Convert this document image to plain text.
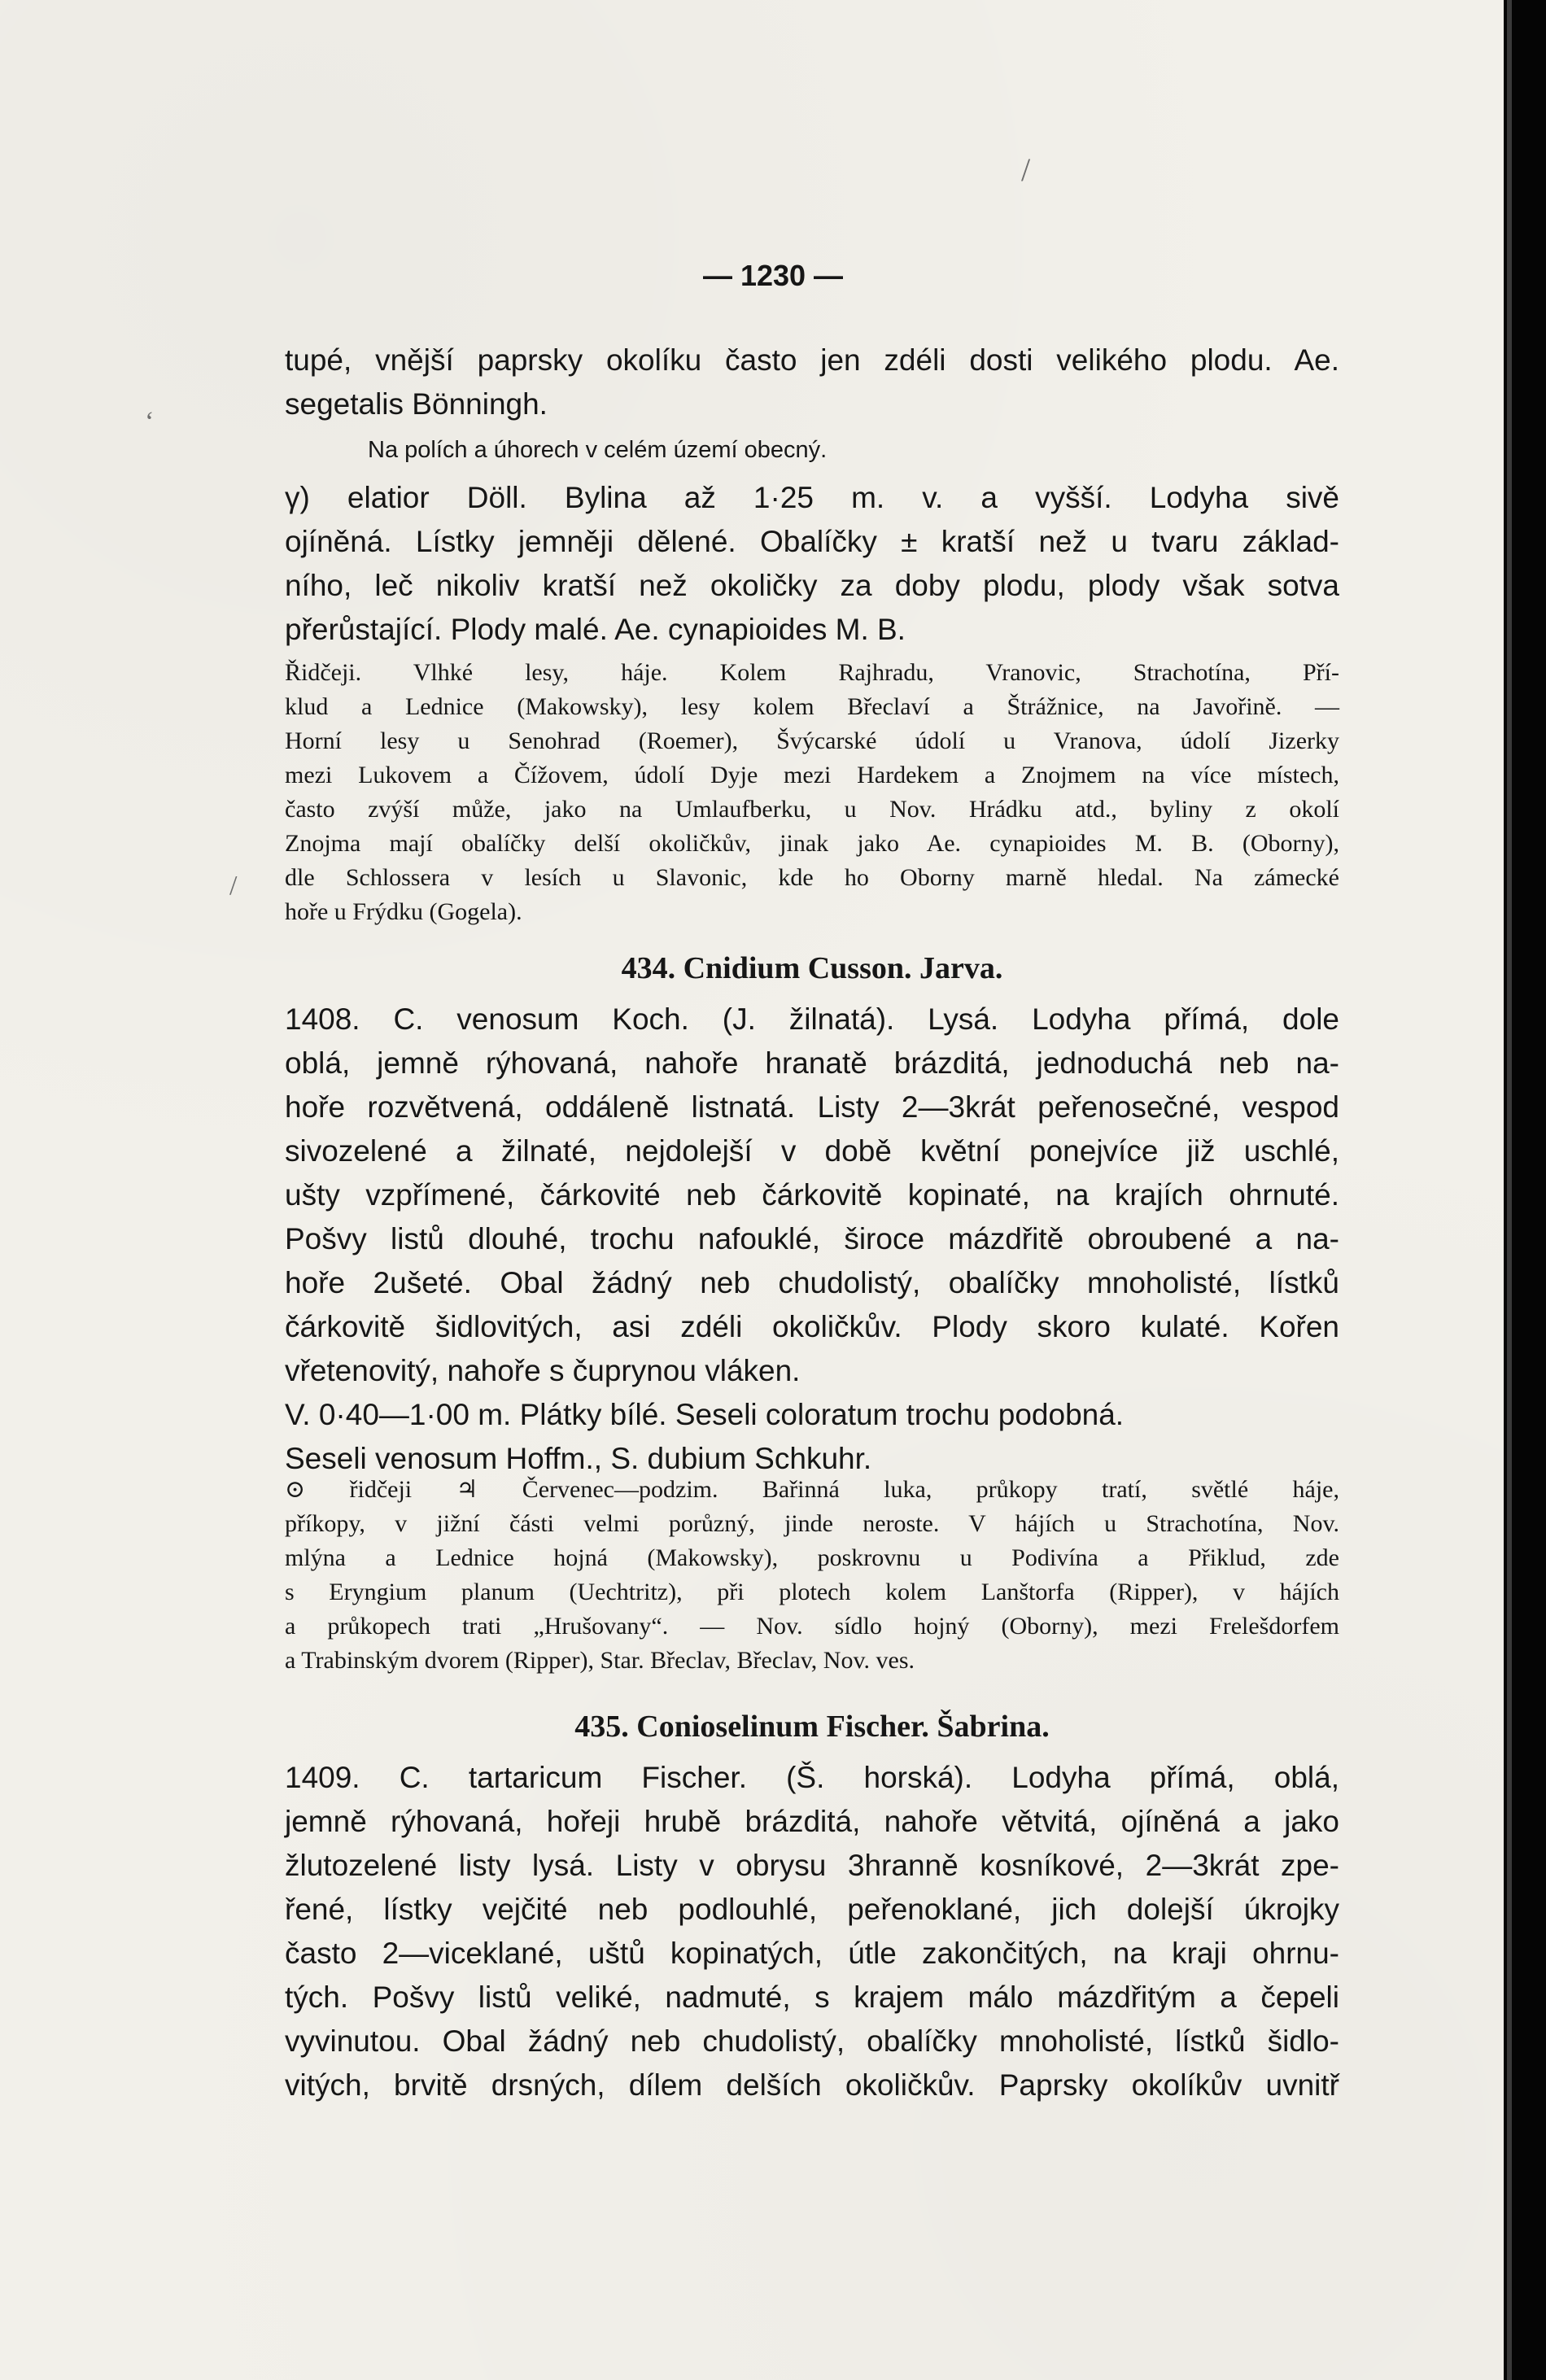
‘
/
/
— 1230 —
tupé, vnější paprsky okolíku často jen zdéli dosti velikého plodu. Ae.
segetalis Bönningh.
Na polích a úhorech v celém území obecný.
γ) elatior Döll. Bylina až 1·25 m. v. a vyšší. Lodyha sivě
ojíněná. Lístky jemněji dělené. Obalíčky ± kratší než u tvaru základ-
ního, leč nikoliv kratší než okoličky za doby plodu, plody však sotva
přerůstající. Plody malé. Ae. cynapioides M. B.
Řidčeji. Vlhké lesy, háje. Kolem Rajhradu, Vranovic, Strachotína, Pří-
klud a Lednice (Makowsky), lesy kolem Břeclaví a Štrážnice, na Javořině. —
Horní lesy u Senohrad (Roemer), Švýcarské údolí u Vranova, údolí Jizerky
mezi Lukovem a Čížovem, údolí Dyje mezi Hardekem a Znojmem na více místech,
často zvýší může, jako na Umlaufberku, u Nov. Hrádku atd., byliny z okolí
Znojma mají obalíčky delší okoličkův, jinak jako Ae. cynapioides M. B. (Oborny),
dle Schlossera v lesích u Slavonic, kde ho Oborny marně hledal. Na zámecké
hoře u Frýdku (Gogela).
434. Cnidium Cusson. Jarva.
1408. C. venosum Koch. (J. žilnatá). Lysá. Lodyha přímá, dole
oblá, jemně rýhovaná, nahoře hranatě brázditá, jednoduchá neb na-
hoře rozvětvená, oddáleně listnatá. Listy 2—3krát peřenosečné, vespod
sivozelené a žilnaté, nejdolejší v době květní ponejvíce již uschlé,
ušty vzpřímené, čárkovité neb čárkovitě kopinaté, na krajích ohrnuté.
Pošvy listů dlouhé, trochu nafouklé, široce mázdřitě obroubené a na-
hoře 2ušeté. Obal žádný neb chudolistý, obalíčky mnoholisté, lístků
čárkovitě šidlovitých, asi zdéli okoličkův. Plody skoro kulaté. Kořen
vřetenovitý, nahoře s čuprynou vláken.
V. 0·40—1·00 m. Plátky bílé. Seseli coloratum trochu podobná.
Seseli venosum Hoffm., S. dubium Schkuhr.
⊙ řidčeji ♃ Červenec—podzim. Bařinná luka, průkopy tratí, světlé háje,
příkopy, v jižní části velmi porůzný, jinde neroste. V hájích u Strachotína, Nov.
mlýna a Lednice hojná (Makowsky), poskrovnu u Podivína a Přiklud, zde
s Eryngium planum (Uechtritz), při plotech kolem Lanštorfa (Ripper), v hájích
a průkopech trati „Hrušovany“. — Nov. sídlo hojný (Oborny), mezi Frelešdorfem
a Trabinským dvorem (Ripper), Star. Břeclav, Břeclav, Nov. ves.
435. Conioselinum Fischer. Šabrina.
1409. C. tartaricum Fischer. (Š. horská). Lodyha přímá, oblá,
jemně rýhovaná, hořeji hrubě brázditá, nahoře větvitá, ojíněná a jako
žlutozelené listy lysá. Listy v obrysu 3hranně kosníkové, 2—3krát zpe-
řené, lístky vejčité neb podlouhlé, peřenoklané, jich dolejší úkrojky
často 2—viceklané, uštů kopinatých, útle zakončitých, na kraji ohrnu-
tých. Pošvy listů veliké, nadmuté, s krajem málo mázdřitým a čepeli
vyvinutou. Obal žádný neb chudolistý, obalíčky mnoholisté, lístků šidlo-
vitých, brvitě drsných, dílem delších okoličkův. Paprsky okolíkův uvnitř
